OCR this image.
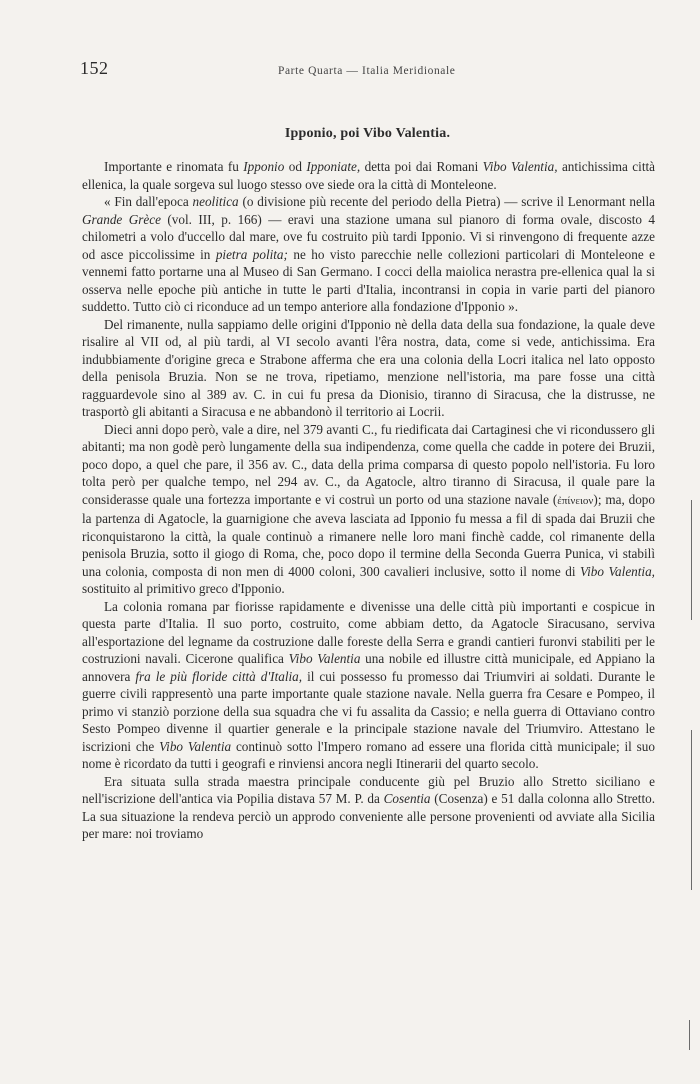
152	Parte Quarta — Italia Meridionale
Ipponio, poi Vibo Valentia.

Importante e rinomata fu Ipponio od Ipponiate, detta poi dai Romani Vibo Valentia, antichissima città ellenica, la quale sorgeva sul luogo stesso ove siede ora la città di Monteleone.

« Fin dall'epoca neolitica (o divisione più recente del periodo della Pietra) — scrive il Lenormant nella Grande Grèce (vol. III, p. 166) — eravi una stazione umana sul pianoro di forma ovale, discosto 4 chilometri a volo d'uccello dal mare, ove fu costruito più tardi Ipponio. Vi si rinvengono di frequente azze od asce piccolissime in pietra polita; ne ho visto parecchie nelle collezioni particolari di Monteleone e vennemi fatto portarne una al Museo di San Germano. I cocci della maiolica nerastra pre-ellenica qual la si osserva nelle epoche più antiche in tutte le parti d'Italia, incontransi in copia in varie parti del pianoro suddetto. Tutto ciò ci riconduce ad un tempo anteriore alla fondazione d'Ipponio ».

Del rimanente, nulla sappiamo delle origini d'Ipponio nè della data della sua fondazione, la quale deve risalire al VII od, al più tardi, al VI secolo avanti l'êra nostra, data, come si vede, antichissima. Era indubbiamente d'origine greca e Strabone afferma che era una colonia della Locri italica nel lato opposto della penisola Bruzia. Non se ne trova, ripetiamo, menzione nell'istoria, ma pare fosse una città ragguardevole sino al 389 av. C. in cui fu presa da Dionisio, tiranno di Siracusa, che la distrusse, ne trasportò gli abitanti a Siracusa e ne abbandonò il territorio ai Locrii.

Dieci anni dopo però, vale a dire, nel 379 avanti C., fu riedificata dai Cartaginesi che vi ricondussero gli abitanti; ma non godè però lungamente della sua indipendenza, come quella che cadde in potere dei Bruzii, poco dopo, a quel che pare, il 356 av. C., data della prima comparsa di questo popolo nell'istoria. Fu loro tolta però per qualche tempo, nel 294 av. C., da Agatocle, altro tiranno di Siracusa, il quale pare la considerasse quale una fortezza importante e vi costruì un porto od una stazione navale (ἐπίνειον); ma, dopo la partenza di Agatocle, la guarnigione che aveva lasciata ad Ipponio fu messa a fil di spada dai Bruzii che riconquistarono la città, la quale continuò a rimanere nelle loro mani finchè cadde, col rimanente della penisola Bruzia, sotto il giogo di Roma, che, poco dopo il termine della Seconda Guerra Punica, vi stabilì una colonia, composta di non men di 4000 coloni, 300 cavalieri inclusive, sotto il nome di Vibo Valentia, sostituito al primitivo greco d'Ipponio.

La colonia romana par fiorisse rapidamente e divenisse una delle città più importanti e cospicue in questa parte d'Italia. Il suo porto, costruito, come abbiam detto, da Agatocle Siracusano, serviva all'esportazione del legname da costruzione dalle foreste della Serra e grandi cantieri furonvi stabiliti per le costruzioni navali. Cicerone qualifica Vibo Valentia una nobile ed illustre città municipale, ed Appiano la annovera fra le più floride città d'Italia, il cui possesso fu promesso dai Triumviri ai soldati. Durante le guerre civili rappresentò una parte importante quale stazione navale. Nella guerra fra Cesare e Pompeo, il primo vi stanziò porzione della sua squadra che vi fu assalita da Cassio; e nella guerra di Ottaviano contro Sesto Pompeo divenne il quartier generale e la principale stazione navale del Triumviro. Attestano le iscrizioni che Vibo Valentia continuò sotto l'Impero romano ad essere una florida città municipale; il suo nome è ricordato da tutti i geografi e rinviensi ancora negli Itinerarii del quarto secolo.

Era situata sulla strada maestra principale conducente giù pel Bruzio allo Stretto siciliano e nell'iscrizione dell'antica via Popilia distava 57 M. P. da Cosentia (Cosenza) e 51 dalla colonna allo Stretto. La sua situazione la rendeva perciò un approdo conveniente alle persone provenienti od avviate alla Sicilia per mare: noi troviamo
